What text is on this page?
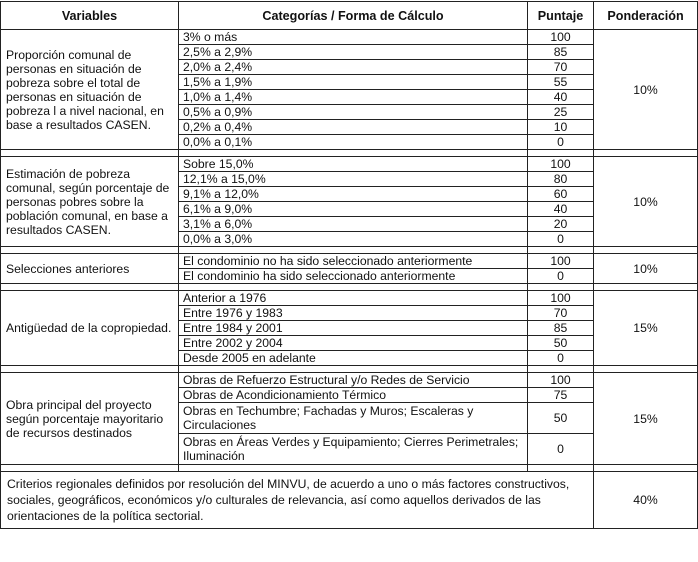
Variables	Categorías / Forma de Cálculo	Puntaje	Ponderación
Proporción comunal de personas en situación de pobreza sobre el total de personas en situación de pobreza l a nivel nacional, en base a resultados CASEN.	3% o más	100	10%
	2,5% a 2,9%	85	
	2,0% a 2,4%	70	
	1,5% a 1,9%	55	
	1,0% a 1,4%	40	
	0,5% a 0,9%	25	
	0,2% a 0,4%	10	
	0,0% a 0,1%	0	

Estimación de pobreza comunal, según porcentaje de personas pobres sobre la población comunal, en base a resultados CASEN.	Sobre 15,0%	100	10%
	12,1% a 15,0%	80	
	9,1% a 12,0%	60	
	6,1% a 9,0%	40	
	3,1% a 6,0%	20	
	0,0% a 3,0%	0	

Selecciones anteriores	El condominio no ha sido seleccionado anteriormente	100	10%
	El condominio ha sido seleccionado anteriormente	0	

Antigüedad de la copropiedad.	Anterior a 1976	100	15%
	Entre 1976 y 1983	70	
	Entre 1984 y 2001	85	
	Entre 2002 y 2004	50	
	Desde 2005 en adelante	0	

Obra principal del proyecto según porcentaje mayoritario de recursos destinados	Obras de Refuerzo Estructural y/o Redes de Servicio	100	15%
	Obras de Acondicionamiento Térmico	75	
	Obras en Techumbre; Fachadas y Muros; Escaleras y Circulaciones	50	
	Obras en Áreas Verdes y Equipamiento; Cierres Perimetrales; Iluminación	0	

Criterios regionales definidos por resolución del MINVU, de acuerdo a uno o más factores constructivos, sociales, geográficos, económicos y/o culturales de relevancia, así como aquellos derivados de las orientaciones de la política sectorial.			40%
